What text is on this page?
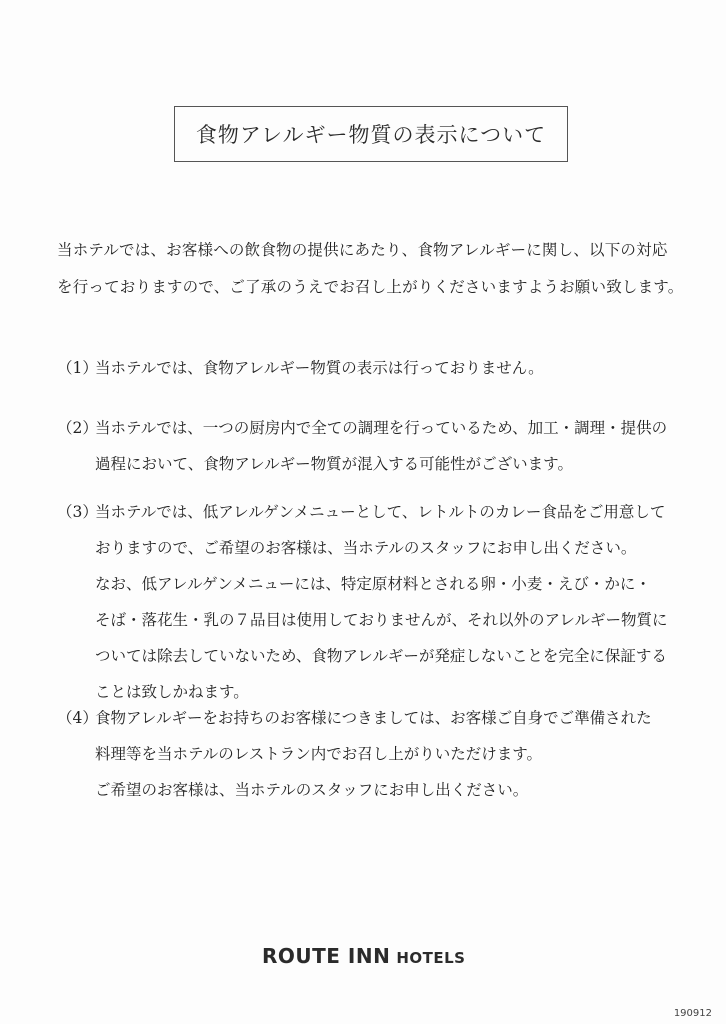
食物アレルギー物質の表示について
当ホテルでは、お客様への飲食物の提供にあたり、食物アレルギーに関し、以下の対応
を行っておりますので、ご了承のうえでお召し上がりくださいますようお願い致します。
（1）当ホテルでは、食物アレルギー物質の表示は行っておりません。
（2）当ホテルでは、一つの厨房内で全ての調理を行っているため、加工・調理・提供の
過程において、食物アレルギー物質が混入する可能性がございます。
（3）当ホテルでは、低アレルゲンメニューとして、レトルトのカレー食品をご用意して
おりますので、ご希望のお客様は、当ホテルのスタッフにお申し出ください。
なお、低アレルゲンメニューには、特定原材料とされる卵・小麦・えび・かに・
そば・落花生・乳の７品目は使用しておりませんが、それ以外のアレルギー物質に
ついては除去していないため、食物アレルギーが発症しないことを完全に保証する
ことは致しかねます。
（4）食物アレルギーをお持ちのお客様につきましては、お客様ご自身でご準備された
料理等を当ホテルのレストラン内でお召し上がりいただけます。
ご希望のお客様は、当ホテルのスタッフにお申し出ください。
ROUTE INN HOTELS
190912
